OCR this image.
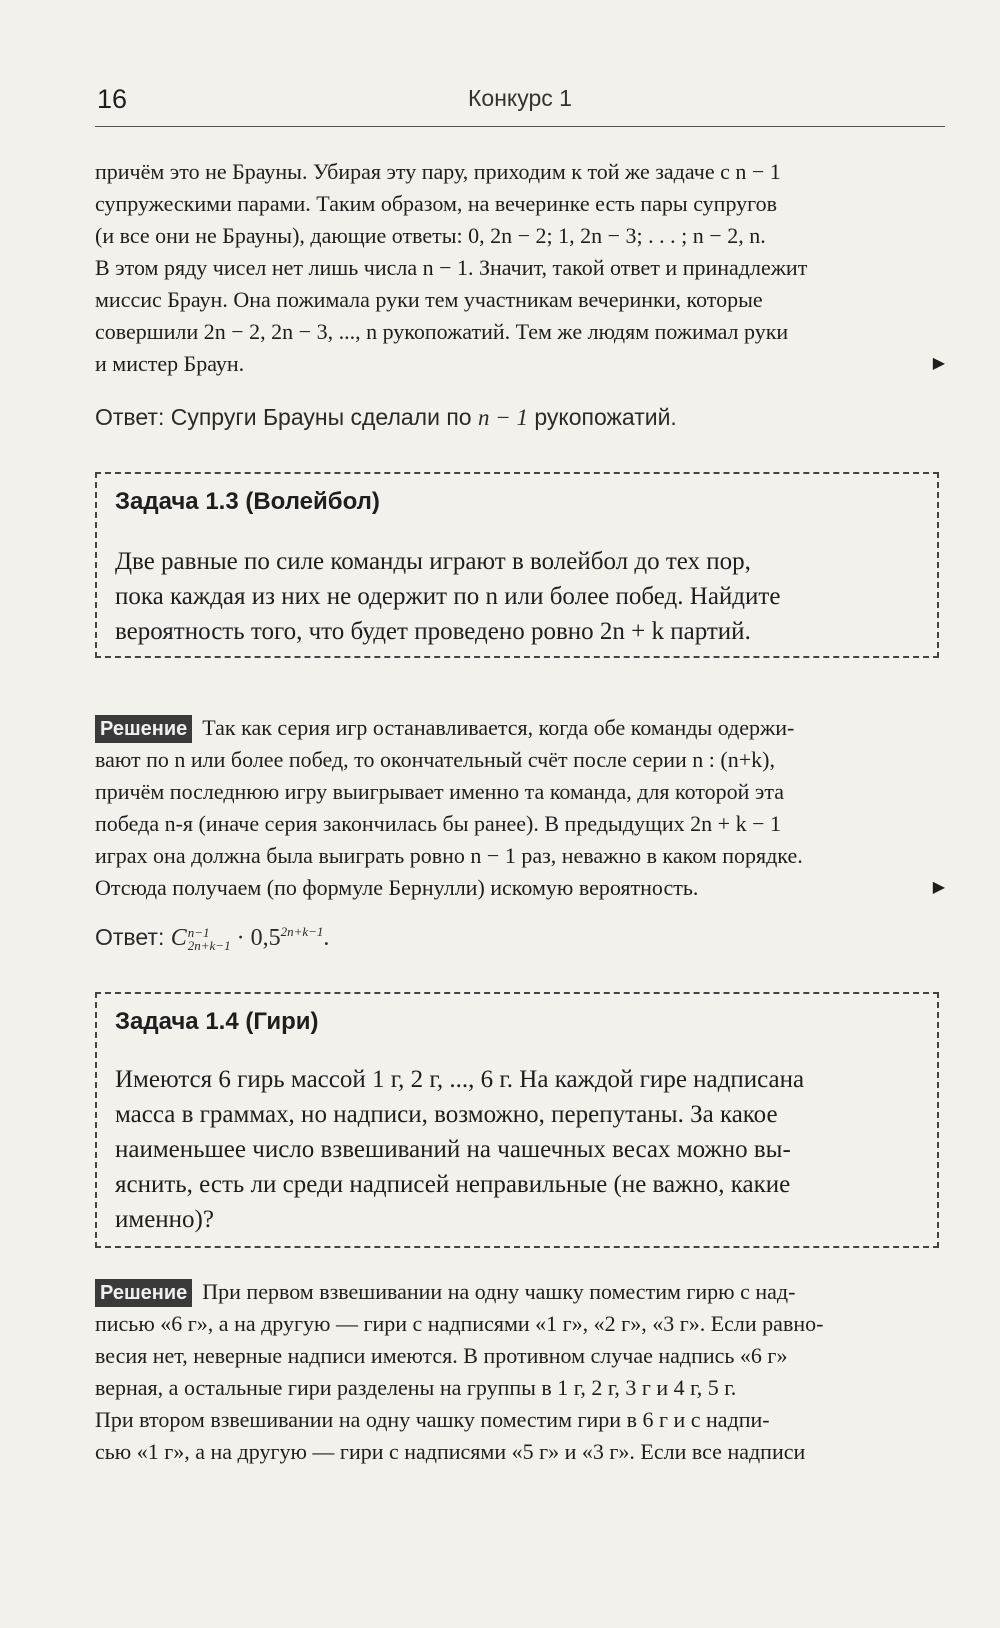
16	Конкурс 1
причём это не Брауны. Убирая эту пару, приходим к той же задаче с n − 1
супружескими парами. Таким образом, на вечеринке есть пары супругов
(и все они не Брауны), дающие ответы: 0, 2n − 2; 1, 2n − 3; . . . ; n − 2, n.
В этом ряду чисел нет лишь числа n − 1. Значит, такой ответ и принадлежит
миссис Браун. Она пожимала руки тем участникам вечеринки, которые
совершили 2n − 2, 2n − 3, ..., n рукопожатий. Тем же людям пожимал руки
и мистер Браун.	▶
Ответ: Супруги Брауны сделали по n − 1 рукопожатий.
Задача 1.3 (Волейбол)
Две равные по силе команды играют в волейбол до тех пор,
пока каждая из них не одержит по n или более побед. Найдите
вероятность того, что будет проведено ровно 2n + k партий.
Решение Так как серия игр останавливается, когда обе команды одержи-
вают по n или более побед, то окончательный счёт после серии n : (n+k),
причём последнюю игру выигрывает именно та команда, для которой эта
победа n-я (иначе серия закончилась бы ранее). В предыдущих 2n + k − 1
играх она должна была выиграть ровно n − 1 раз, неважно в каком порядке.
Отсюда получаем (по формуле Бернулли) искомую вероятность.	▶
Ответ: C n−1
$2n+k-1 \cdot 0,5^{2n+k-1}$.
Задача 1.4 (Гири)
Имеются 6 гирь массой 1 г, 2 г, ..., 6 г. На каждой гире надписана
масса в граммах, но надписи, возможно, перепутаны. За какое
наименьшее число взвешиваний на чашечных весах можно вы-
яснить, есть ли среди надписей неправильные (не важно, какие
именно)?
Решение При первом взвешивании на одну чашку поместим гирю с над-
писью «6 г», а на другую — гири с надписями «1 г», «2 г», «3 г». Если равно-
весия нет, неверные надписи имеются. В противном случае надпись «6 г»
верная, а остальные гири разделены на группы в 1 г, 2 г, 3 г и 4 г, 5 г.
При втором взвешивании на одну чашку поместим гири в 6 г и с надпи-
сью «1 г», а на другую — гири с надписями «5 г» и «3 г». Если все надписи
